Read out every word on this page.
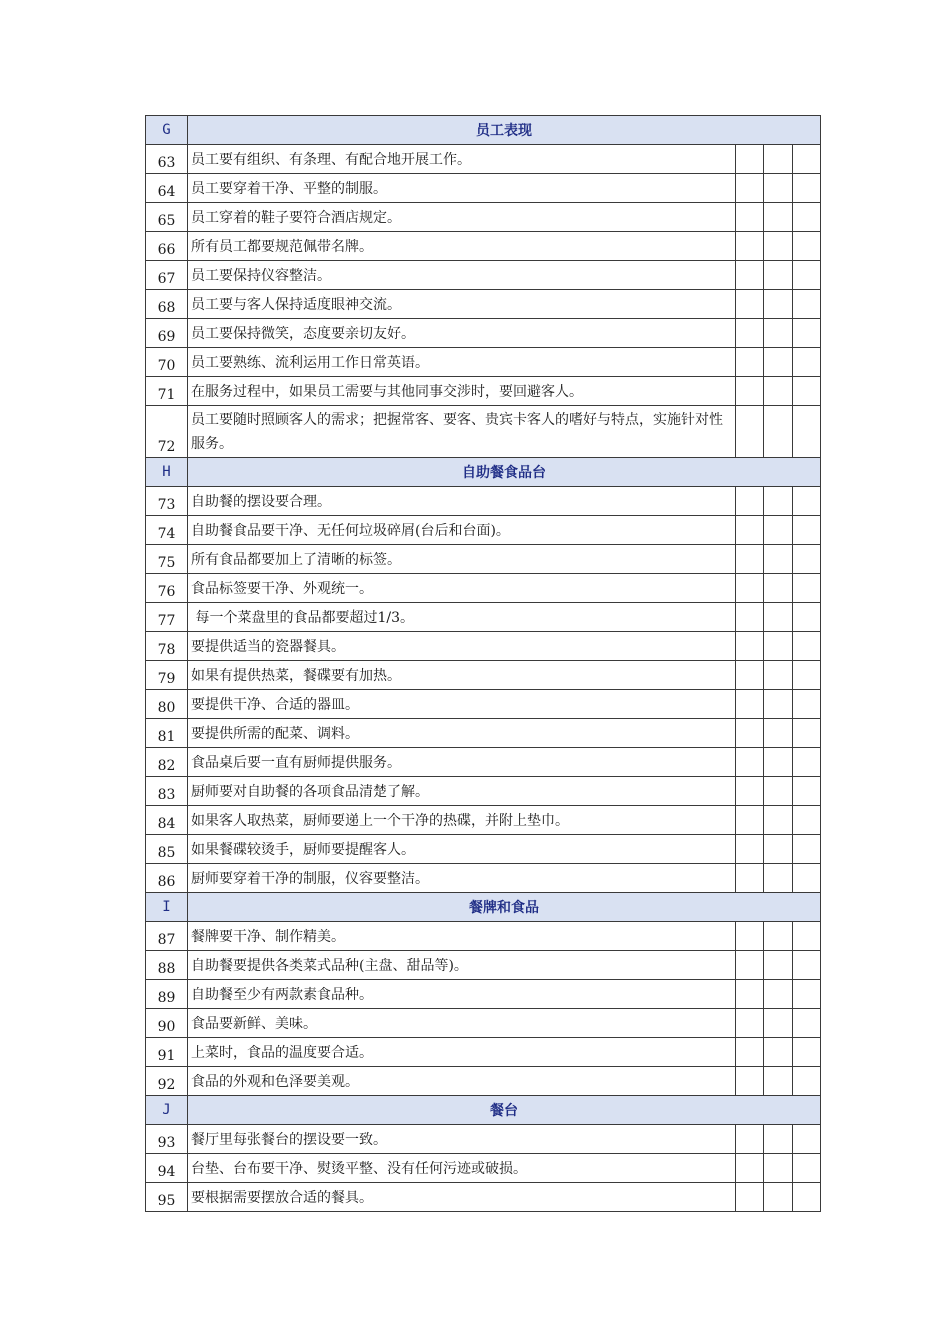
G	员工表现			
63	员工要有组织、有条理、有配合地开展工作。			
64	员工要穿着干净、平整的制服。			
65	员工穿着的鞋子要符合酒店规定。			
66	所有员工都要规范佩带名牌。			
67	员工要保持仪容整洁。			
68	员工要与客人保持适度眼神交流。			
69	员工要保持微笑，态度要亲切友好。			
70	员工要熟练、流利运用工作日常英语。			
71	在服务过程中，如果员工需要与其他同事交涉时，要回避客人。			
72	员工要随时照顾客人的需求；把握常客、要客、贵宾卡客人的嗜好与特点，实施针对性服务。			
H	自助餐食品台			
73	自助餐的摆设要合理。			
74	自助餐食品要干净、无任何垃圾碎屑(台后和台面)。			
75	所有食品都要加上了清晰的标签。			
76	食品标签要干净、外观统一。			
77	每一个菜盘里的食品都要超过1/3。			
78	要提供适当的瓷器餐具。			
79	如果有提供热菜，餐碟要有加热。			
80	要提供干净、合适的器皿。			
81	要提供所需的配菜、调料。			
82	食品桌后要一直有厨师提供服务。			
83	厨师要对自助餐的各项食品清楚了解。			
84	如果客人取热菜，厨师要递上一个干净的热碟，并附上垫巾。			
85	如果餐碟较烫手，厨师要提醒客人。			
86	厨师要穿着干净的制服，仪容要整洁。			
I	餐牌和食品			
87	餐牌要干净、制作精美。			
88	自助餐要提供各类菜式品种(主盘、甜品等)。			
89	自助餐至少有两款素食品种。			
90	食品要新鲜、美味。			
91	上菜时，食品的温度要合适。			
92	食品的外观和色泽要美观。			
J	餐台			
93	餐厅里每张餐台的摆设要一致。			
94	台垫、台布要干净、熨烫平整、没有任何污迹或破损。			
95	要根据需要摆放合适的餐具。			
